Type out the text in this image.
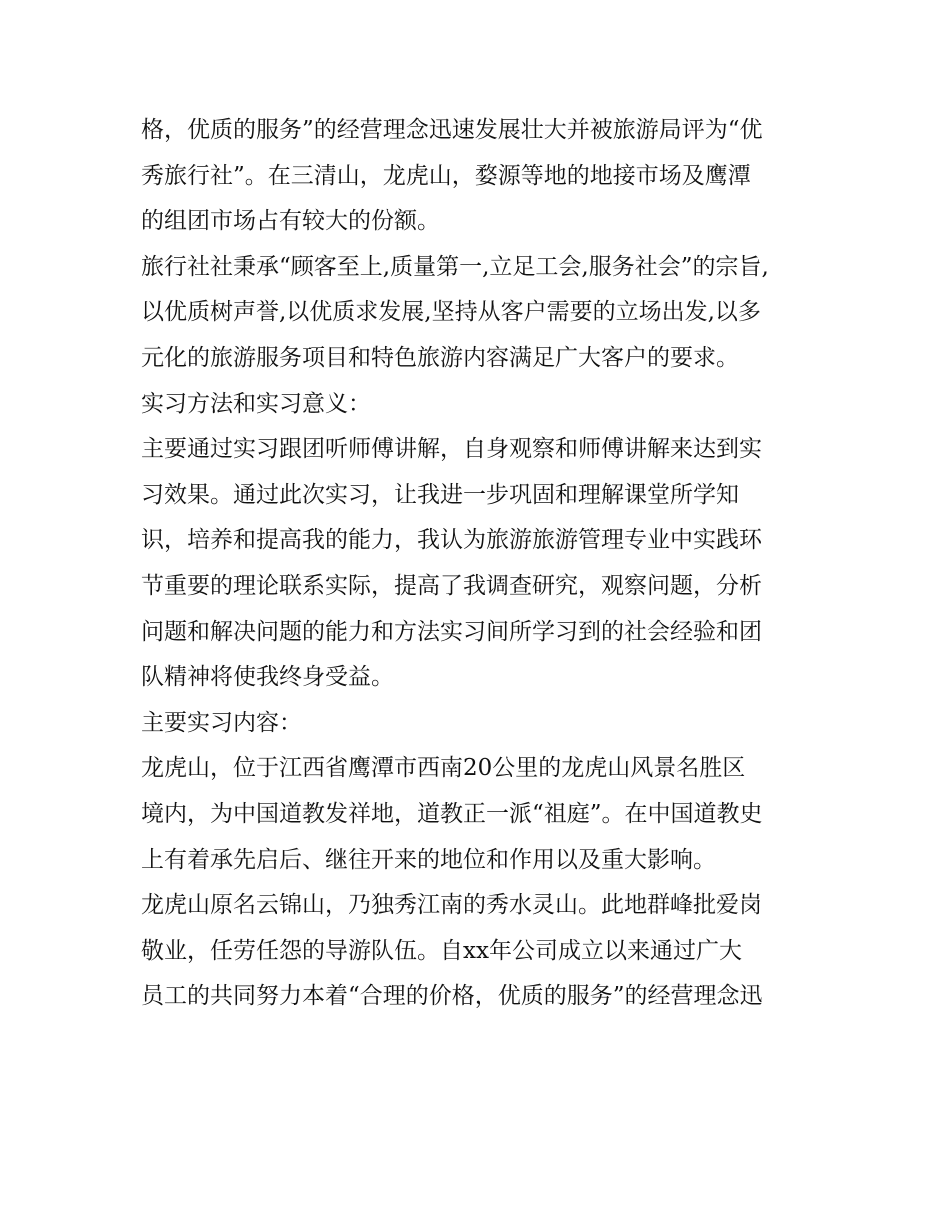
格，优质的服务”的经营理念迅速发展壮大并被旅游局评为“优
秀旅行社”。在三清山，龙虎山，婺源等地的地接市场及鹰潭
的组团市场占有较大的份额。
旅行社社秉承“顾客至上,质量第一,立足工会,服务社会”的宗旨,
以优质树声誉,以优质求发展,坚持从客户需要的立场出发,以多
元化的旅游服务项目和特色旅游内容满足广大客户的要求。
实习方法和实习意义：
主要通过实习跟团听师傅讲解，自身观察和师傅讲解来达到实
习效果。通过此次实习，让我进一步巩固和理解课堂所学知
识，培养和提高我的能力，我认为旅游旅游管理专业中实践环
节重要的理论联系实际，提高了我调查研究，观察问题，分析
问题和解决问题的能力和方法实习间所学习到的社会经验和团
队精神将使我终身受益。
主要实习内容：
龙虎山，位于江西省鹰潭市西南20公里的龙虎山风景名胜区
境内，为中国道教发祥地，道教正一派“祖庭”。在中国道教史
上有着承先启后、继往开来的地位和作用以及重大影响。
龙虎山原名云锦山，乃独秀江南的秀水灵山。此地群峰批爱岗
敬业，任劳任怨的导游队伍。自xx年公司成立以来通过广大
员工的共同努力本着“合理的价格，优质的服务”的经营理念迅
